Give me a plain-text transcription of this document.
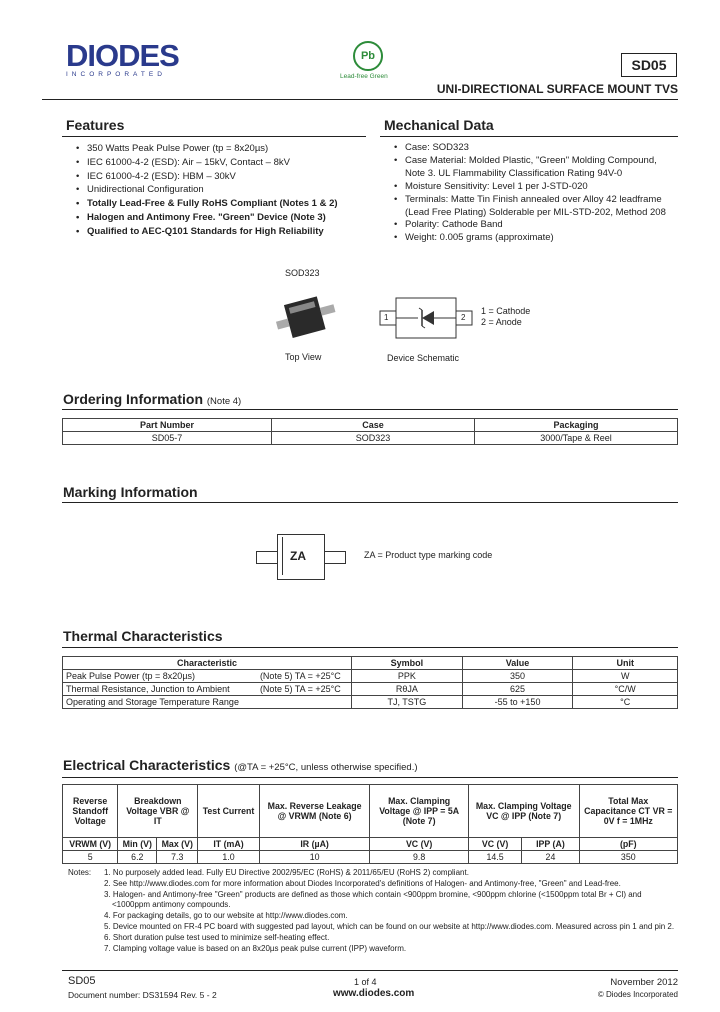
DIODES
INCORPORATED
Pb
Lead-free Green
SD05
UNI-DIRECTIONAL SURFACE MOUNT TVS
Features
• 350 Watts Peak Pulse Power (tp = 8x20µs)
• IEC 61000-4-2 (ESD): Air – 15kV, Contact – 8kV
• IEC 61000-4-2 (ESD): HBM – 30kV
• Unidirectional Configuration
• Totally Lead-Free & Fully RoHS Compliant (Notes 1 & 2)
• Halogen and Antimony Free. "Green" Device (Note 3)
• Qualified to AEC-Q101 Standards for High Reliability
Mechanical Data
• Case: SOD323
• Case Material: Molded Plastic, "Green" Molding Compound, Note 3. UL Flammability Classification Rating 94V-0
• Moisture Sensitivity: Level 1 per J-STD-020
• Terminals: Matte Tin Finish annealed over Alloy 42 leadframe (Lead Free Plating) Solderable per MIL-STD-202, Method 208
• Polarity: Cathode Band
• Weight: 0.005 grams (approximate)
SOD323
Top View
1	2
1 = Cathode
2 = Anode
Device Schematic
Ordering Information (Note 4)
Part Number	Case	Packaging
SD05-7	SOD323	3000/Tape & Reel
Marking Information
ZA	ZA = Product type marking code
Thermal Characteristics
Characteristic		Symbol	Value	Unit
Peak Pulse Power (tp = 8x20µs)	(Note 5) TA = +25°C	PPK	350	W
Thermal Resistance, Junction to Ambient	(Note 5) TA = +25°C	RθJA	625	°C/W
Operating and Storage Temperature Range		TJ, TSTG	-55 to +150	°C
Electrical Characteristics (@TA = +25°C, unless otherwise specified.)
Reverse Standoff Voltage	Breakdown Voltage VBR @ IT		Test Current	Max. Reverse Leakage @ VRWM (Note 6)	Max. Clamping Voltage @ IPP = 5A (Note 7)	Max. Clamping Voltage VC @ IPP (Note 7)		Total Max Capacitance CT VR = 0V f = 1MHz
VRWM (V)	Min (V)	Max (V)	IT (mA)	IR (µA)	VC (V)	VC (V)	IPP (A)	(pF)
5	6.2	7.3	1.0	10	9.8	14.5	24	350
Notes:	1. No purposely added lead. Fully EU Directive 2002/95/EC (RoHS) & 2011/65/EU (RoHS 2) compliant.
2. See http://www.diodes.com for more information about Diodes Incorporated's definitions of Halogen- and Antimony-free, "Green" and Lead-free.
3. Halogen- and Antimony-free "Green" products are defined as those which contain <900ppm bromine, <900ppm chlorine (<1500ppm total Br + Cl) and <1000ppm antimony compounds.
4. For packaging details, go to our website at http://www.diodes.com.
5. Device mounted on FR-4 PC board with suggested pad layout, which can be found on our website at http://www.diodes.com. Measured across pin 1 and pin 2.
6. Short duration pulse test used to minimize self-heating effect.
7. Clamping voltage value is based on an 8x20µs peak pulse current (IPP) waveform.
SD05
Document number: DS31594 Rev. 5 - 2
1 of 4
www.diodes.com
November 2012
© Diodes Incorporated
